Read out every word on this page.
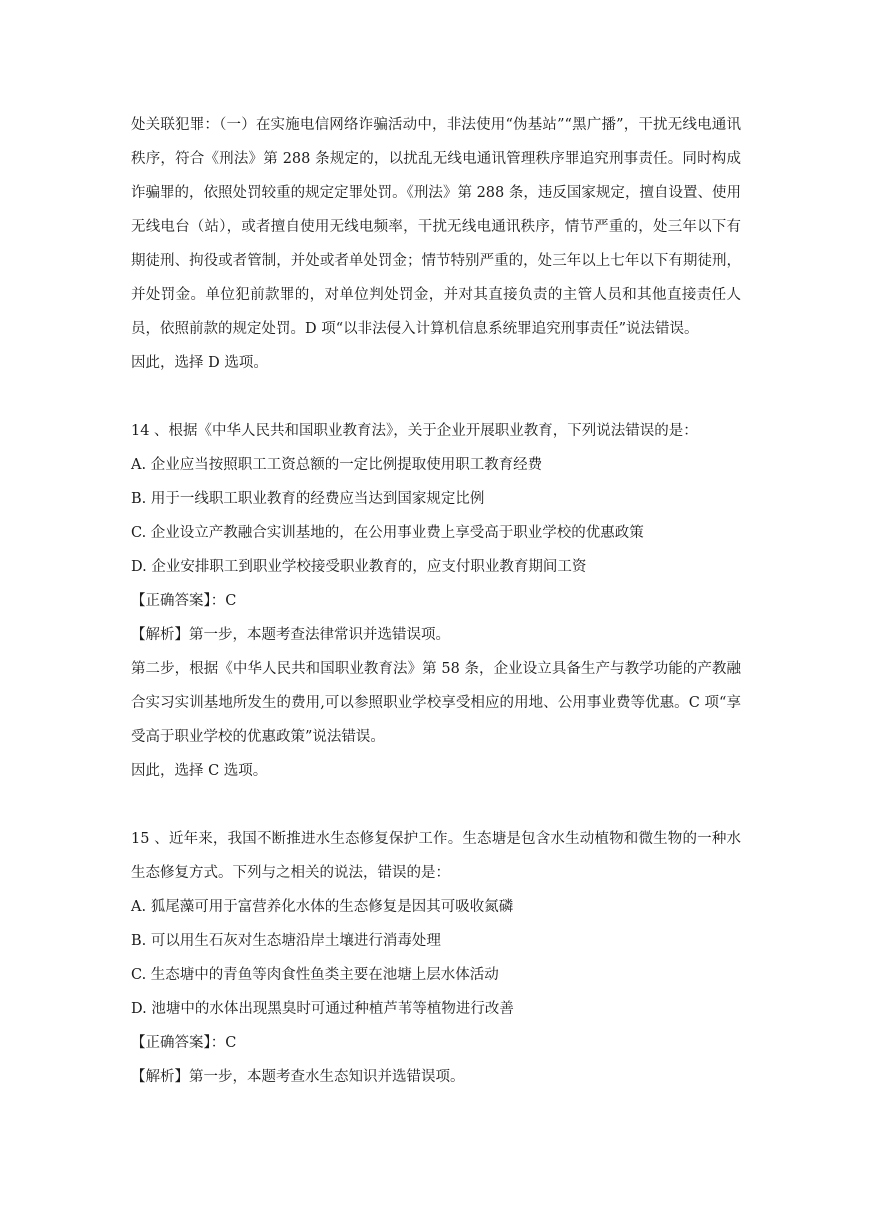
处关联犯罪：（一）在实施电信网络诈骗活动中，非法使用“伪基站”“黑广播”，干扰无线电通讯秩序，符合《刑法》第 288 条规定的，以扰乱无线电通讯管理秩序罪追究刑事责任。同时构成诈骗罪的，依照处罚较重的规定定罪处罚。《刑法》第 288 条，违反国家规定，擅自设置、使用无线电台（站），或者擅自使用无线电频率，干扰无线电通讯秩序，情节严重的，处三年以下有期徒刑、拘役或者管制，并处或者单处罚金；情节特别严重的，处三年以上七年以下有期徒刑，并处罚金。单位犯前款罪的，对单位判处罚金，并对其直接负责的主管人员和其他直接责任人员，依照前款的规定处罚。D 项“以非法侵入计算机信息系统罪追究刑事责任”说法错误。

因此，选择 D 选项。

14 、根据《中华人民共和国职业教育法》，关于企业开展职业教育，下列说法错误的是：

A. 企业应当按照职工工资总额的一定比例提取使用职工教育经费

B. 用于一线职工职业教育的经费应当达到国家规定比例

C. 企业设立产教融合实训基地的，在公用事业费上享受高于职业学校的优惠政策

D. 企业安排职工到职业学校接受职业教育的，应支付职业教育期间工资

【正确答案】：C

【解析】第一步，本题考查法律常识并选错误项。

第二步，根据《中华人民共和国职业教育法》第 58 条，企业设立具备生产与教学功能的产教融合实习实训基地所发生的费用,可以参照职业学校享受相应的用地、公用事业费等优惠。C 项“享受高于职业学校的优惠政策”说法错误。

因此，选择 C 选项。

15 、近年来，我国不断推进水生态修复保护工作。生态塘是包含水生动植物和微生物的一种水生态修复方式。下列与之相关的说法，错误的是：

A. 狐尾藻可用于富营养化水体的生态修复是因其可吸收氮磷

B. 可以用生石灰对生态塘沿岸土壤进行消毒处理

C. 生态塘中的青鱼等肉食性鱼类主要在池塘上层水体活动

D. 池塘中的水体出现黑臭时可通过种植芦苇等植物进行改善

【正确答案】：C

【解析】第一步，本题考查水生态知识并选错误项。
